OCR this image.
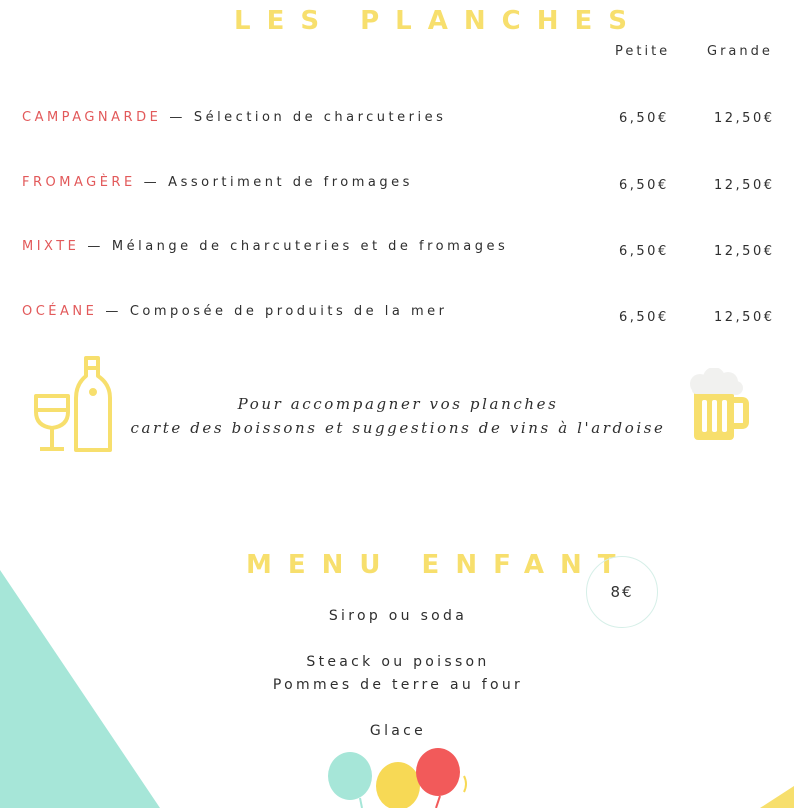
LES PLANCHES
Petite	Grande
CAMPAGNARDE — Sélection de charcuteries	6,50€	12,50€
FROMAGÈRE — Assortiment de fromages	6,50€	12,50€
MIXTE — Mélange de charcuteries et de fromages	6,50€	12,50€
OCÉANE — Composée de produits de la mer	6,50€	12,50€
Pour accompagner vos planches
carte des boissons et suggestions de vins à l'ardoise
MENU ENFANT
8€
Sirop ou soda
Steack ou poisson
Pommes de terre au four
Glace
